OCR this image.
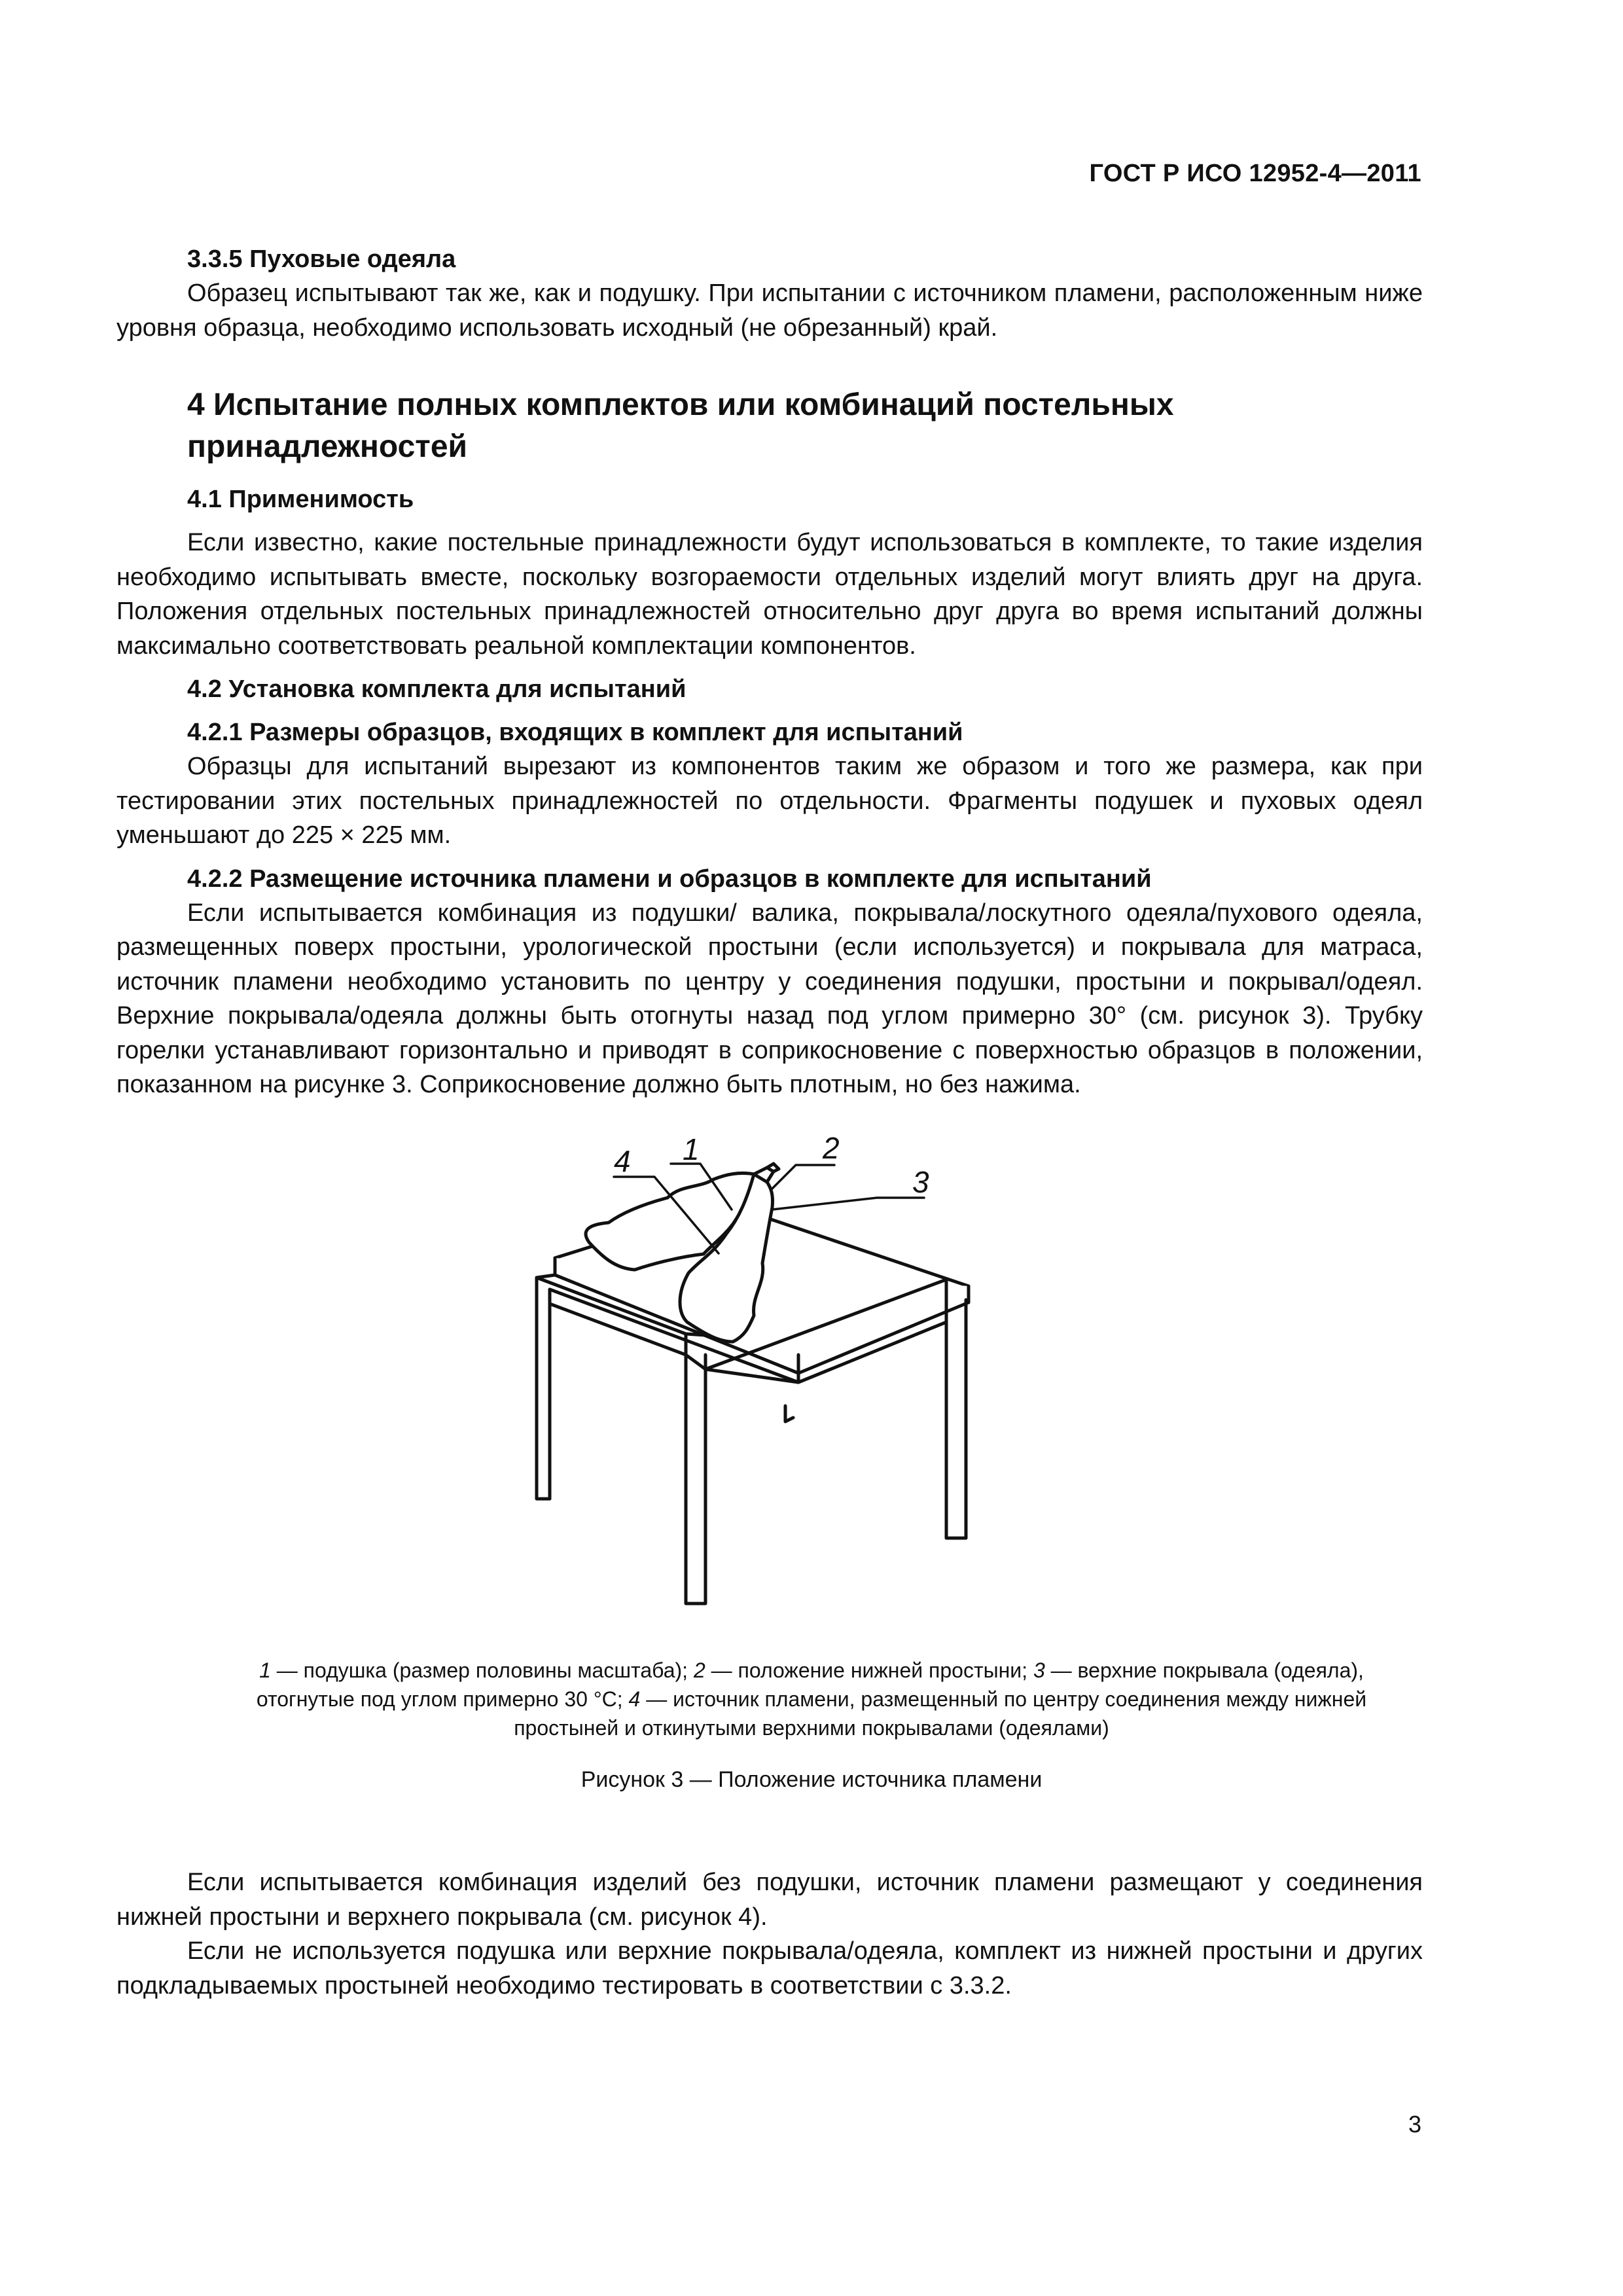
ГОСТ Р ИСО 12952-4—2011
3.3.5 Пуховые одеяла

Образец испытывают так же, как и подушку. При испытании с источником пламени, расположенным ниже уровня образца, необходимо использовать исходный (не обрезанный) край.

4 Испытание полных комплектов или комбинаций постельных принадлежностей
4.1 Применимость

Если известно, какие постельные принадлежности будут использоваться в комплекте, то такие изделия необходимо испытывать вместе, поскольку возгораемости отдельных изделий могут влиять друг на друга. Положения отдельных постельных принадлежностей относительно друг друга во время испытаний должны максимально соответствовать реальной комплектации компонентов.

4.2 Установка комплекта для испытаний
4.2.1 Размеры образцов, входящих в комплект для испытаний

Образцы для испытаний вырезают из компонентов таким же образом и того же размера, как при тестировании этих постельных принадлежностей по отдельности. Фрагменты подушек и пуховых одеял уменьшают до 225 × 225 мм.

4.2.2 Размещение источника пламени и образцов в комплекте для испытаний

Если испытывается комбинация из подушки/ валика, покрывала/лоскутного одеяла/пухового одеяла, размещенных поверх простыни, урологической простыни (если используется) и покрывала для матраса, источник пламени необходимо установить по центру у соединения подушки, простыни и покрывал/одеял. Верхние покрывала/одеяла должны быть отогнуты назад под углом примерно 30° (см. рисунок 3). Трубку горелки устанавливают горизонтально и приводят в соприкосновение с поверхностью образцов в положении, показанном на рисунке 3. Соприкосновение должно быть плотным, но без нажима.

1	2
3
4
1 — подушка (размер половины масштаба); 2 — положение нижней простыни; 3 — верхние покрывала (одеяла), отогнутые под углом примерно 30 °С; 4 — источник пламени, размещенный по центру соединения между нижней простыней и откинутыми верхними покрывалами (одеялами)
Рисунок 3 — Положение источника пламени

Если испытывается комбинация изделий без подушки, источник пламени размещают у соединения нижней простыни и верхнего покрывала (см. рисунок 4).

Если не используется подушка или верхние покрывала/одеяла, комплект из нижней простыни и других подкладываемых простыней необходимо тестировать в соответствии с 3.3.2.

3
